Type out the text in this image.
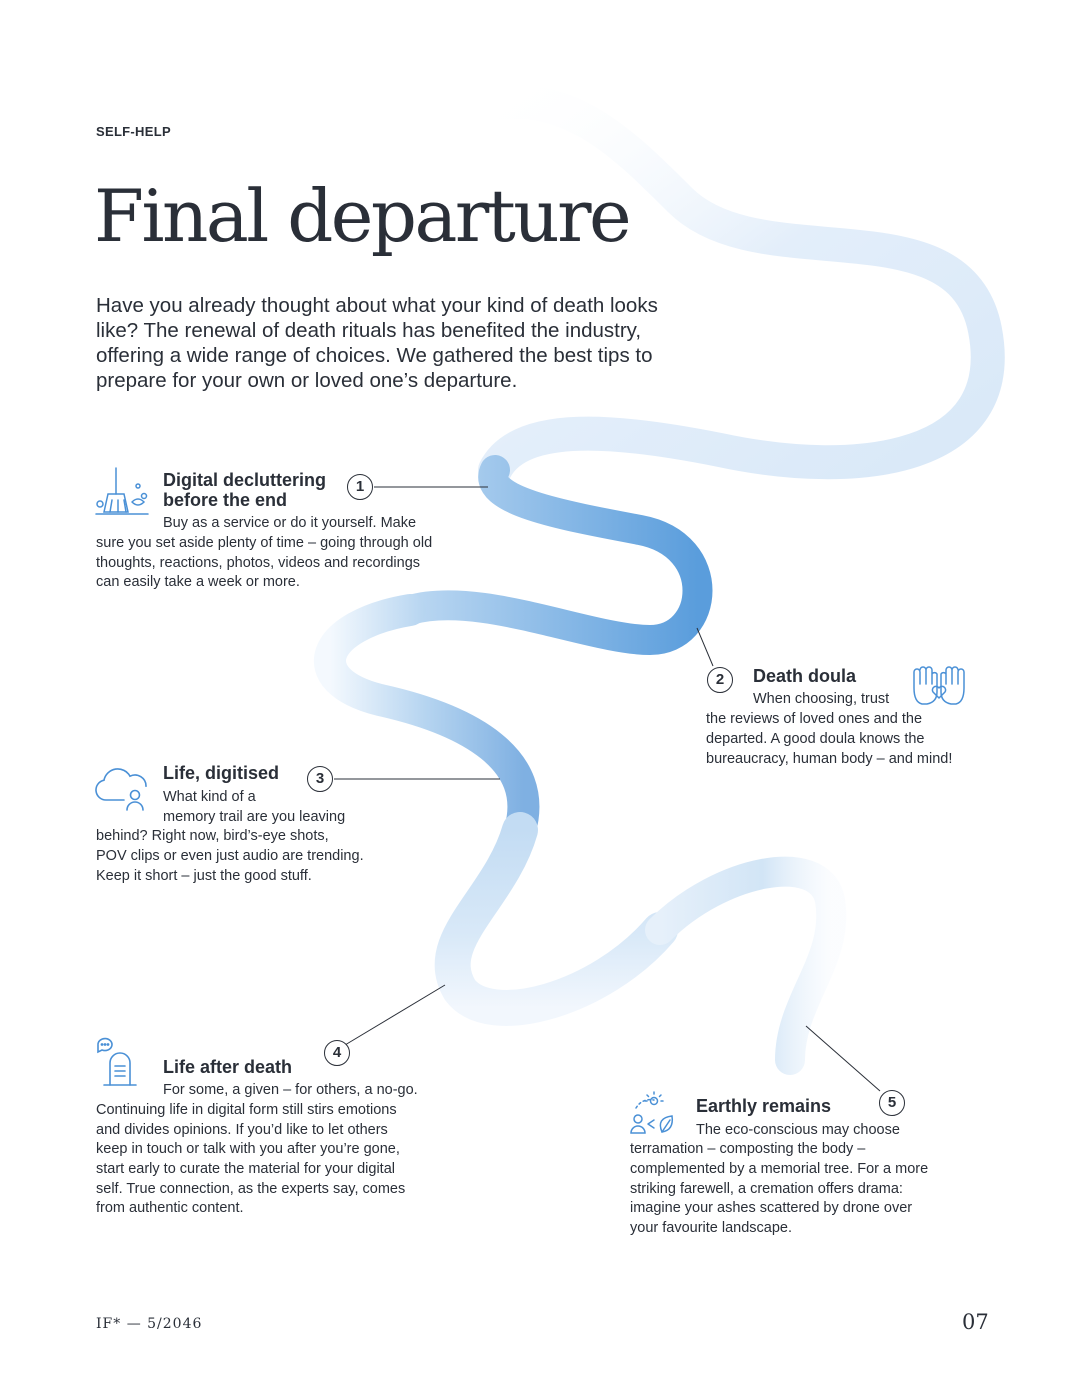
SELF-HELP
Final departure

Have you already thought about what your kind of death looks like? The renewal of death rituals has benefited the industry, offering a wide range of choices. We gathered the best tips to prepare for your own or loved one’s departure.

Digital decluttering
before the end
1
Buy as a service or do it yourself. Make
sure you set aside plenty of time – going through old
thoughts, reactions, photos, videos and recordings
can easily take a week or more.
2	Death doula
When choosing, trust
the reviews of loved ones and the
departed. A good doula knows the
bureaucracy, human body – and mind!
Life, digitised	3
What kind of a
memory trail are you leaving
behind? Right now, bird’s-eye shots,
POV clips or even just audio are trending.
Keep it short – just the good stuff.
4
Life after death
For some, a given – for others, a no-go.
Continuing life in digital form still stirs emotions
and divides opinions. If you’d like to let others
keep in touch or talk with you after you’re gone,
start early to curate the material for your digital
self. True connection, as the experts say, comes
from authentic content.
Earthly remains	5
The eco-conscious may choose
terramation – composting the body –
complemented by a memorial tree. For a more
striking farewell, a cremation offers drama:
imagine your ashes scattered by drone over
your favourite landscape.
IF* — 5/2046	07
